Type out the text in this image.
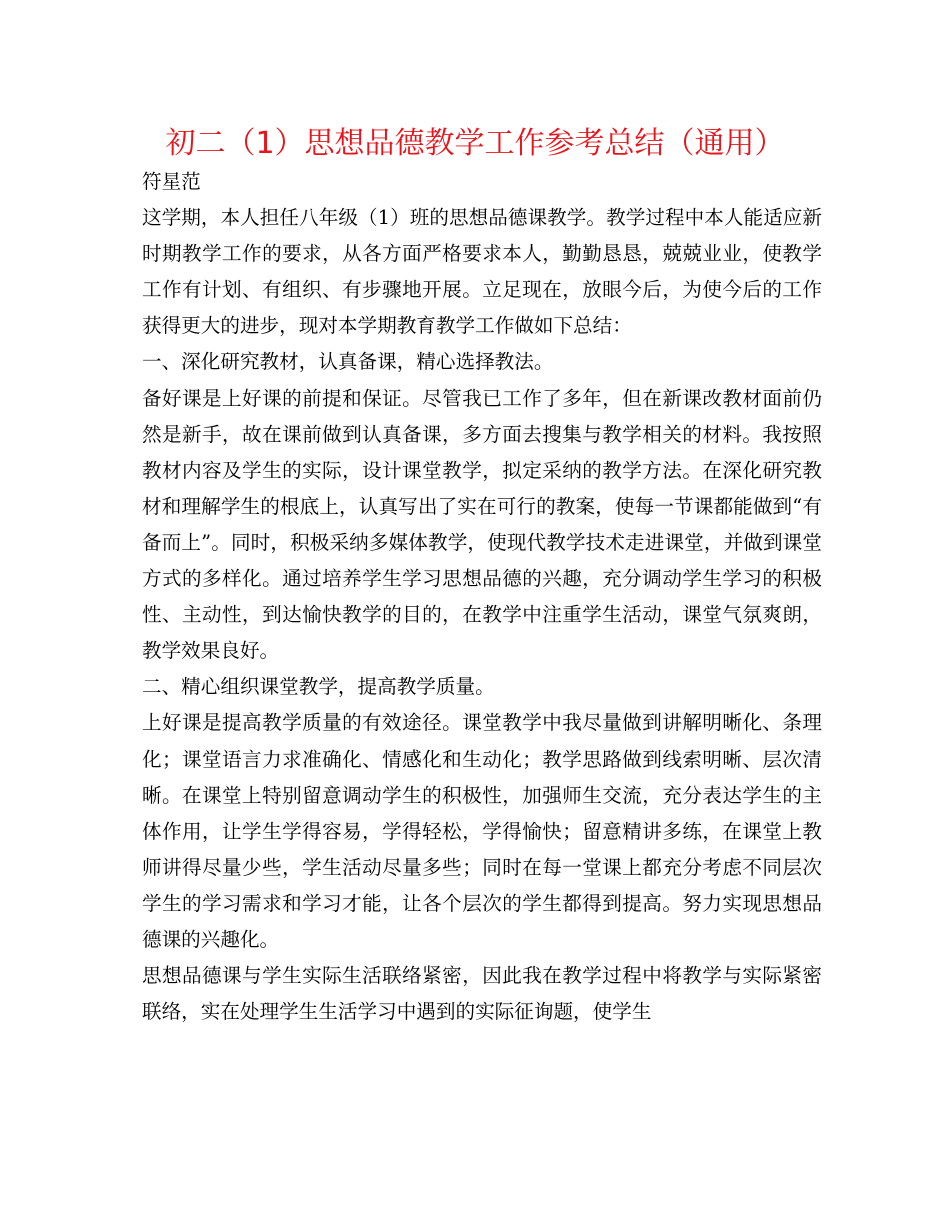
初二（1）思想品德教学工作参考总结（通用）

符星范

这学期，本人担任八年级（1）班的思想品德课教学。教学过程中本人能适应新时期教学工作的要求，从各方面严格要求本人，勤勤恳恳，兢兢业业，使教学工作有计划、有组织、有步骤地开展。立足现在，放眼今后，为使今后的工作获得更大的进步，现对本学期教育教学工作做如下总结：

一、深化研究教材，认真备课，精心选择教法。

备好课是上好课的前提和保证。尽管我已工作了多年，但在新课改教材面前仍然是新手，故在课前做到认真备课，多方面去搜集与教学相关的材料。我按照教材内容及学生的实际，设计课堂教学，拟定采纳的教学方法。在深化研究教材和理解学生的根底上，认真写出了实在可行的教案，使每一节课都能做到“有备而上”。同时，积极采纳多媒体教学，使现代教学技术走进课堂，并做到课堂方式的多样化。通过培养学生学习思想品德的兴趣，充分调动学生学习的积极性、主动性，到达愉快教学的目的，在教学中注重学生活动，课堂气氛爽朗，教学效果良好。

二、精心组织课堂教学，提高教学质量。

上好课是提高教学质量的有效途径。课堂教学中我尽量做到讲解明晰化、条理化；课堂语言力求准确化、情感化和生动化；教学思路做到线索明晰、层次清晰。在课堂上特别留意调动学生的积极性，加强师生交流，充分表达学生的主体作用，让学生学得容易，学得轻松，学得愉快；留意精讲多练，在课堂上教师讲得尽量少些，学生活动尽量多些；同时在每一堂课上都充分考虑不同层次学生的学习需求和学习才能，让各个层次的学生都得到提高。努力实现思想品德课的兴趣化。

思想品德课与学生实际生活联络紧密，因此我在教学过程中将教学与实际紧密联络，实在处理学生生活学习中遇到的实际征询题，使学生
